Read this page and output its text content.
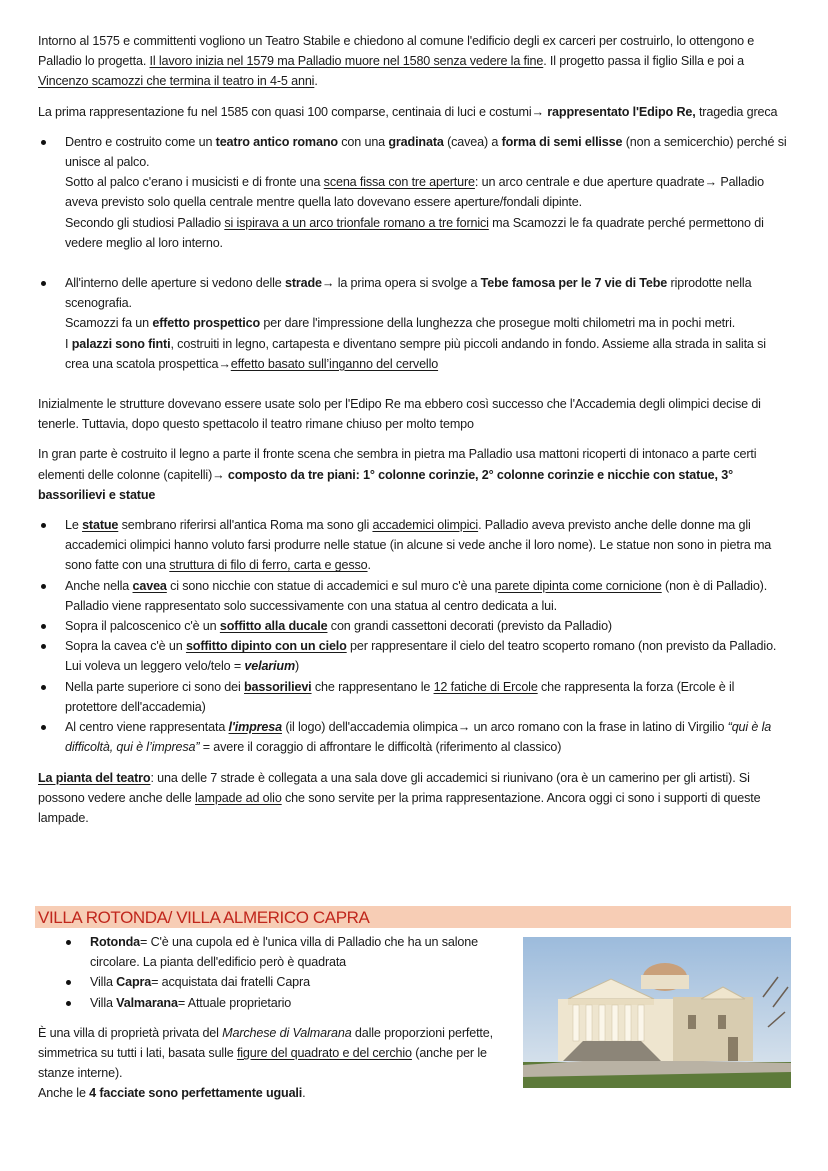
Intorno al 1575 e committenti vogliono un Teatro Stabile e chiedono al comune l'edificio degli ex carceri per costruirlo, lo ottengono e Palladio lo progetta. Il lavoro inizia nel 1579 ma Palladio muore nel 1580 senza vedere la fine. Il progetto passa il figlio Silla e poi a Vincenzo scamozzi che termina il teatro in 4-5 anni.

La prima rappresentazione fu nel 1585 con quasi 100 comparse, centinaia di luci e costumi→ rappresentato l'Edipo Re, tragedia greca

Dentro e costruito come un teatro antico romano con una gradinata (cavea) a forma di semi ellisse (non a semicerchio) perché si unisce al palco.
Sotto al palco c'erano i musicisti e di fronte una scena fissa con tre aperture: un arco centrale e due aperture quadrate→ Palladio aveva previsto solo quella centrale mentre quella lato dovevano essere aperture/fondali dipinte.
Secondo gli studiosi Palladio si ispirava a un arco trionfale romano a tre fornici ma Scamozzi le fa quadrate perché permettono di vedere meglio al loro interno.
All'interno delle aperture si vedono delle strade→ la prima opera si svolge a Tebe famosa per le 7 vie di Tebe riprodotte nella scenografia.
Scamozzi fa un effetto prospettico per dare l'impressione della lunghezza che prosegue molti chilometri ma in pochi metri.
I palazzi sono finti, costruiti in legno, cartapesta e diventano sempre più piccoli andando in fondo. Assieme alla strada in salita si crea una scatola prospettica→effetto basato sull’inganno del cervello

Inizialmente le strutture dovevano essere usate solo per l'Edipo Re ma ebbero così successo che l'Accademia degli olimpici decise di tenerle. Tuttavia, dopo questo spettacolo il teatro rimane chiuso per molto tempo

In gran parte è costruito il legno a parte il fronte scena che sembra in pietra ma Palladio usa mattoni ricoperti di intonaco a parte certi elementi delle colonne (capitelli)→ composto da tre piani: 1° colonne corinzie, 2° colonne corinzie e nicchie con statue, 3° bassorilievi e statue

Le statue sembrano riferirsi all'antica Roma ma sono gli accademici olimpici. Palladio aveva previsto anche delle donne ma gli accademici olimpici hanno voluto farsi produrre nelle statue (in alcune si vede anche il loro nome). Le statue non sono in pietra ma sono fatte con una struttura di filo di ferro, carta e gesso.
Anche nella cavea ci sono nicchie con statue di accademici e sul muro c'è una parete dipinta come cornicione (non è di Palladio). Palladio viene rappresentato solo successivamente con una statua al centro dedicata a lui.
Sopra il palcoscenico c'è un soffitto alla ducale con grandi cassettoni decorati (previsto da Palladio)
Sopra la cavea c'è un soffitto dipinto con un cielo per rappresentare il cielo del teatro scoperto romano (non previsto da Palladio. Lui voleva un leggero velo/telo = velarium)
Nella parte superiore ci sono dei bassorilievi che rappresentano le 12 fatiche di Ercole che rappresenta la forza (Ercole è il protettore dell'accademia)
Al centro viene rappresentata l'impresa (il logo) dell'accademia olimpica→ un arco romano con la frase in latino di Virgilio “qui è la difficoltà, qui è l’impresa” = avere il coraggio di affrontare le difficoltà (riferimento al classico)

La pianta del teatro: una delle 7 strade è collegata a una sala dove gli accademici si riunivano (ora è un camerino per gli artisti). Si possono vedere anche delle lampade ad olio che sono servite per la prima rappresentazione. Ancora oggi ci sono i supporti di queste lampade.

VILLA ROTONDA/ VILLA ALMERICO CAPRA
Rotonda= C'è una cupola ed è l'unica villa di Palladio che ha un salone circolare. La pianta dell'edificio però è quadrata
Villa Capra= acquistata dai fratelli Capra
Villa Valmarana= Attuale proprietario

È una villa di proprietà privata del Marchese di Valmarana dalle proporzioni perfette, simmetrica su tutti i lati, basata sulle figure del quadrato e del cerchio (anche per le stanze interne).
Anche le 4 facciate sono perfettamente uguali.
